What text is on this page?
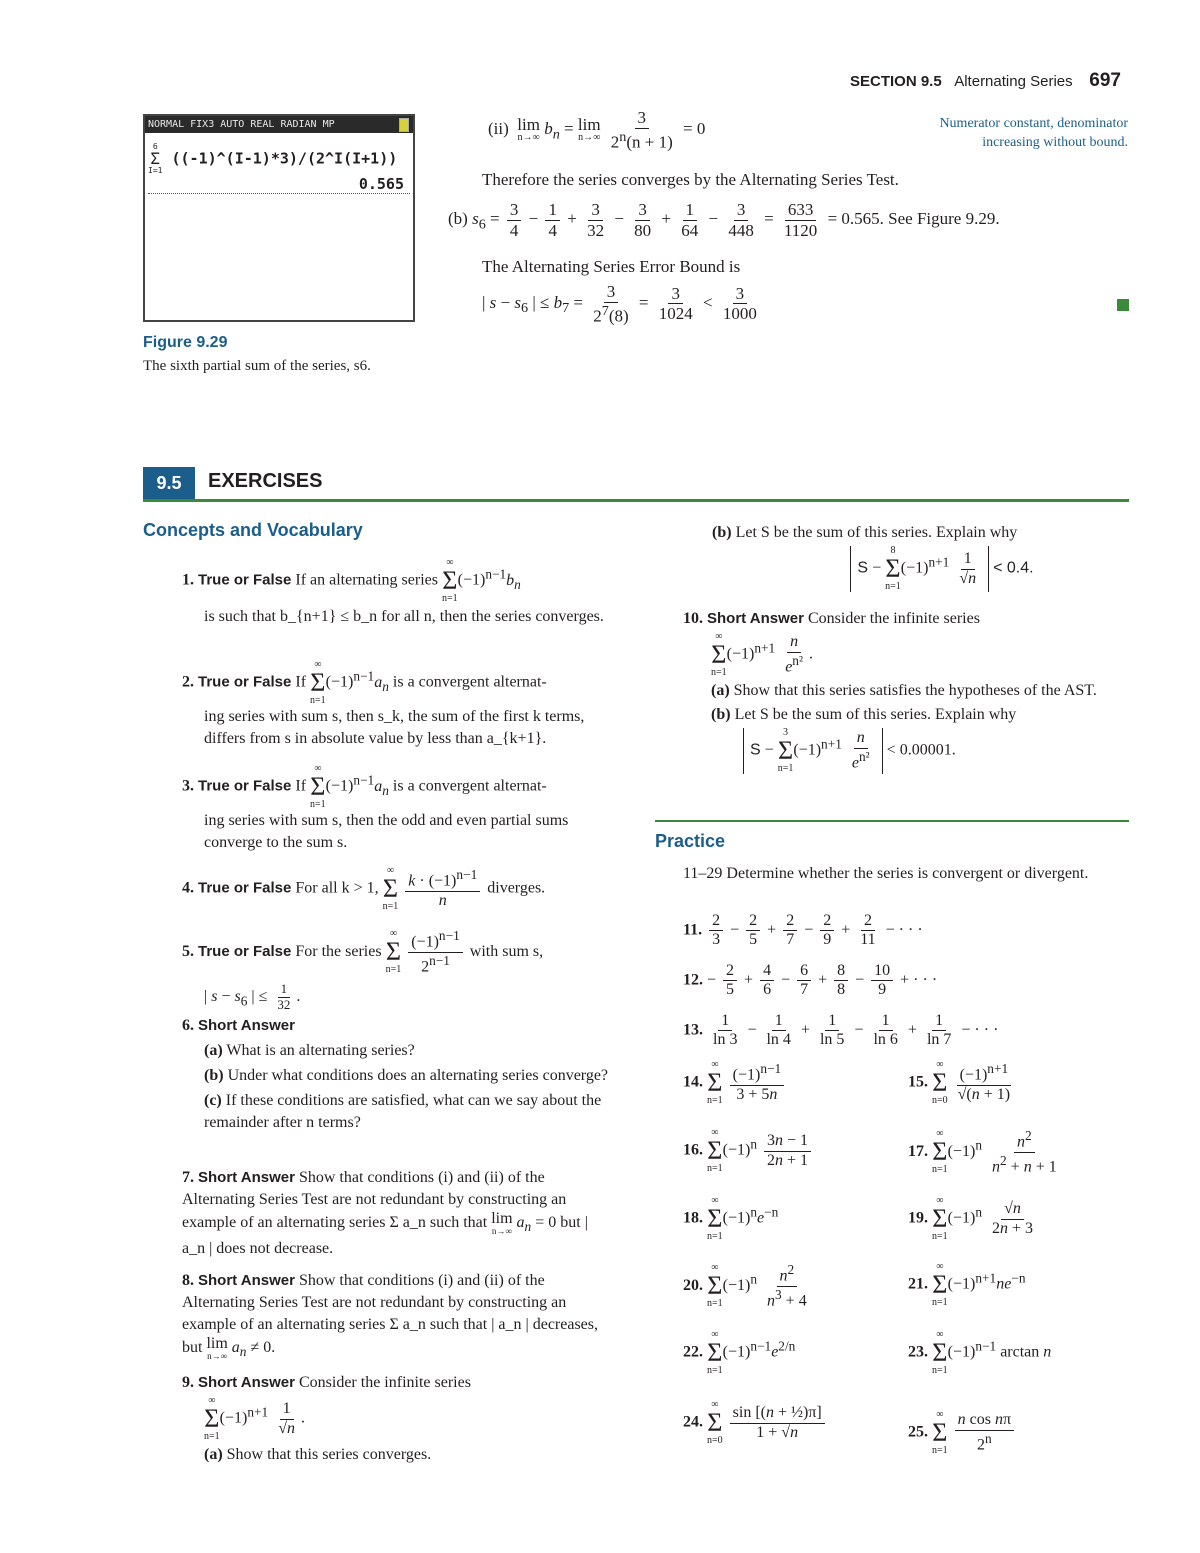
SECTION 9.5 Alternating Series 697
NORMAL FIX3 AUTO REAL RADIAN MP
6
Σ
I=1
((-1)^(I-1)*3)/(2^I(I+1))
0.565
Figure 9.29
The sixth partial sum of the series, s6.
(ii) lim
n→∞
$b_n = \lim$
n→∞
$\frac{3}{2^n(n + 1)} = 0$	Numerator constant, denominator
increasing without bound.
Therefore the series converges by the Alternating Series Test.
(b) $s_6 = \frac{3}{4} - \frac{1}{4} + \frac{3}{32} - \frac{3}{80} + \frac{1}{64} - \frac{3}{448} = \frac{633}{1120} = 0.565$. See Figure 9.29.
The Alternating Series Error Bound is
| $s - s_6$ | ≤ $b_7 = \frac{3}{2^7(8)} = \frac{3}{1024} < \frac{3}{1000}$
9.5	EXERCISES
Concepts and Vocabulary
1. True or False If an alternating series
∞
Σ
n=1
$(-1)^{n-1}b_n$
is such that b_{n+1} ≤ b_n for all n, then the series converges.
2. True or False If
∞
Σ
n=1
$(-1)^{n-1}a_n$ is a convergent alternat-
ing series with sum s, then s_k, the sum of the first k terms, differs from s in absolute value by less than a_{k+1}.
3. True or False If
∞
Σ
n=1
$(-1)^{n-1}a_n$ is a convergent alternat-
ing series with sum s, then the odd and even partial sums converge to the sum s.
4. True or False For all k > 1,
∞
Σ
n=1
$\frac{k \cdot (-1)^{n-1}}{n}$ diverges.
5. True or False For the series
∞
Σ
n=1
$\frac{(-1)^{n-1}}{2^{n-1}}$ with sum s,
| $s - s_6$ | ≤ $\frac{1}{32}$ .
6. Short Answer
(a) What is an alternating series?
(b) Under what conditions does an alternating series converge?
(c) If these conditions are satisfied, what can we say about the remainder after n terms?
7. Short Answer Show that conditions (i) and (ii) of the Alternating Series Test are not redundant by constructing an example of an alternating series Σ a_n such that lim
n→∞ $a_n = 0$ but | a_n | does not decrease.
8. Short Answer Show that conditions (i) and (ii) of the Alternating Series Test are not redundant by constructing an example of an alternating series Σ a_n such that | a_n | decreases, but lim
n→∞ $a_n \ne 0$.
9. Short Answer Consider the infinite series
∞
Σ
n=1
$(-1)^{n+1} \frac{1}{√n}$ .
(a) Show that this series converges.
(b) Let S be the sum of this series. Explain why
S −
8
Σ
n=1
$(-1)^{n+1} \frac{1}{√n} < 0.4$.
10. Short Answer Consider the infinite series
∞
Σ
n=1
$(-1)^{n+1} \frac{n}{e^{n^2}}$ .
(a) Show that this series satisfies the hypotheses of the AST.
(b) Let S be the sum of this series. Explain why
S −
3
Σ
n=1
$(-1)^{n+1} \frac{n}{e^{n^2}} < 0.00001$.
Practice
11–29 Determine whether the series is convergent or divergent.
11. $\frac{2}{3} - \frac{2}{5} + \frac{2}{7} - \frac{2}{9} + \frac{2}{11}$ − · · ·
12. − $\frac{2}{5} + \frac{4}{6} - \frac{6}{7} + \frac{8}{8} - \frac{10}{9}$ + · · ·
13. $\frac{1}{\ln 3} - \frac{1}{\ln 4} + \frac{1}{\ln 5} - \frac{1}{\ln 6} + \frac{1}{\ln 7}$ − · · ·
14.
∞
Σ
n=1
$\frac{(-1)^{n-1}}{3 + 5n}$	15.
∞
Σ
n=0
$\frac{(-1)^{n+1}}{√(n + 1)}$
16.
∞
Σ
n=1
$(-1)^n \frac{3n - 1}{2n + 1}$	17.
∞
Σ
n=1
$(-1)^n \frac{n^2}{n^2 + n + 1}$
18.
∞
Σ
n=1
$(-1)^ne^{-n}$	19.
∞
Σ
n=1
$(-1)^n \frac{√n}{2n + 3}$
20.
∞
Σ
n=1
$(-1)^n \frac{n^2}{n^3 + 4}$	21.
∞
Σ
n=1
$(-1)^{n+1}ne^{-n}$
22.
∞
Σ
n=1
$(-1)^{n-1}e^{2/n}$	23.
∞
Σ
n=1
$(-1)^{n-1}$ arctan n
24.
∞
Σ
n=0
$\frac{\text{sin [(n + ½)π]}}{1 + √n}$	25.
∞
Σ
n=1
$\frac{\text{n cos nπ}}{2^n}$
